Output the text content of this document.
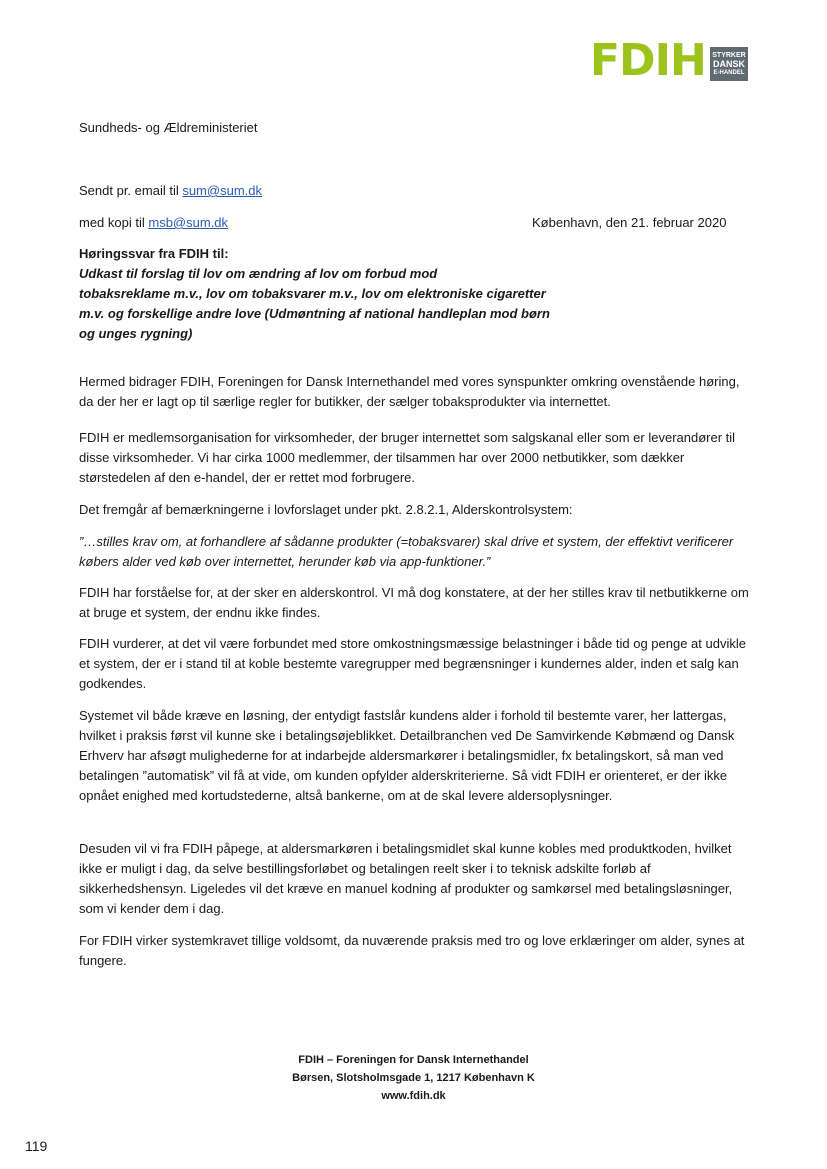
FDIH STYRKER
DANSK
E-HANDEL

Sundheds- og Ældreministeriet

Sendt pr. email til sum@sum.dk

med kopi til msb@sum.dk	København, den 21. februar 2020
Høringssvar fra FDIH til:
Udkast til forslag til lov om ændring af lov om forbud mod
tobaksreklame m.v., lov om tobaksvarer m.v., lov om elektroniske cigaretter
m.v. og forskellige andre love (Udmøntning af national handleplan mod børn
og unges rygning)

Hermed bidrager FDIH, Foreningen for Dansk Internethandel med vores synspunkter omkring ovenstående høring, da der her er lagt op til særlige regler for butikker, der sælger tobaksprodukter via internettet.

FDIH er medlemsorganisation for virksomheder, der bruger internettet som salgskanal eller som er leverandører til disse virksomheder. Vi har cirka 1000 medlemmer, der tilsammen har over 2000 netbutikker, som dækker størstedelen af den e-handel, der er rettet mod forbrugere.

Det fremgår af bemærkningerne i lovforslaget under pkt. 2.8.2.1, Alderskontrolsystem:

”…stilles krav om, at forhandlere af sådanne produkter (=tobaksvarer) skal drive et system, der effektivt verificerer købers alder ved køb over internettet, herunder køb via app-funktioner.”

FDIH har forståelse for, at der sker en alderskontrol. VI må dog konstatere, at der her stilles krav til netbutikkerne om at bruge et system, der endnu ikke findes.

FDIH vurderer, at det vil være forbundet med store omkostningsmæssige belastninger i både tid og penge at udvikle et system, der er i stand til at koble bestemte varegrupper med begrænsninger i kundernes alder, inden et salg kan godkendes.

Systemet vil både kræve en løsning, der entydigt fastslår kundens alder i forhold til bestemte varer, her lattergas, hvilket i praksis først vil kunne ske i betalingsøjeblikket. Detailbranchen ved De Samvirkende Købmænd og Dansk Erhverv har afsøgt mulighederne for at indarbejde aldersmarkører i betalingsmidler, fx betalingskort, så man ved betalingen ”automatisk” vil få at vide, om kunden opfylder alderskriterierne. Så vidt FDIH er orienteret, er der ikke opnået enighed med kortudstederne, altså bankerne, om at de skal levere aldersoplysninger.

Desuden vil vi fra FDIH påpege, at aldersmarkøren i betalingsmidlet skal kunne kobles med produktkoden, hvilket ikke er muligt i dag, da selve bestillingsforløbet og betalingen reelt sker i to teknisk adskilte forløb af sikkerhedshensyn. Ligeledes vil det kræve en manuel kodning af produkter og samkørsel med betalingsløsninger, som vi kender dem i dag.

For FDIH virker systemkravet tillige voldsomt, da nuværende praksis med tro og love erklæringer om alder, synes at fungere.

FDIH – Foreningen for Dansk Internethandel
Børsen, Slotsholmsgade 1, 1217 København K
www.fdih.dk
119
